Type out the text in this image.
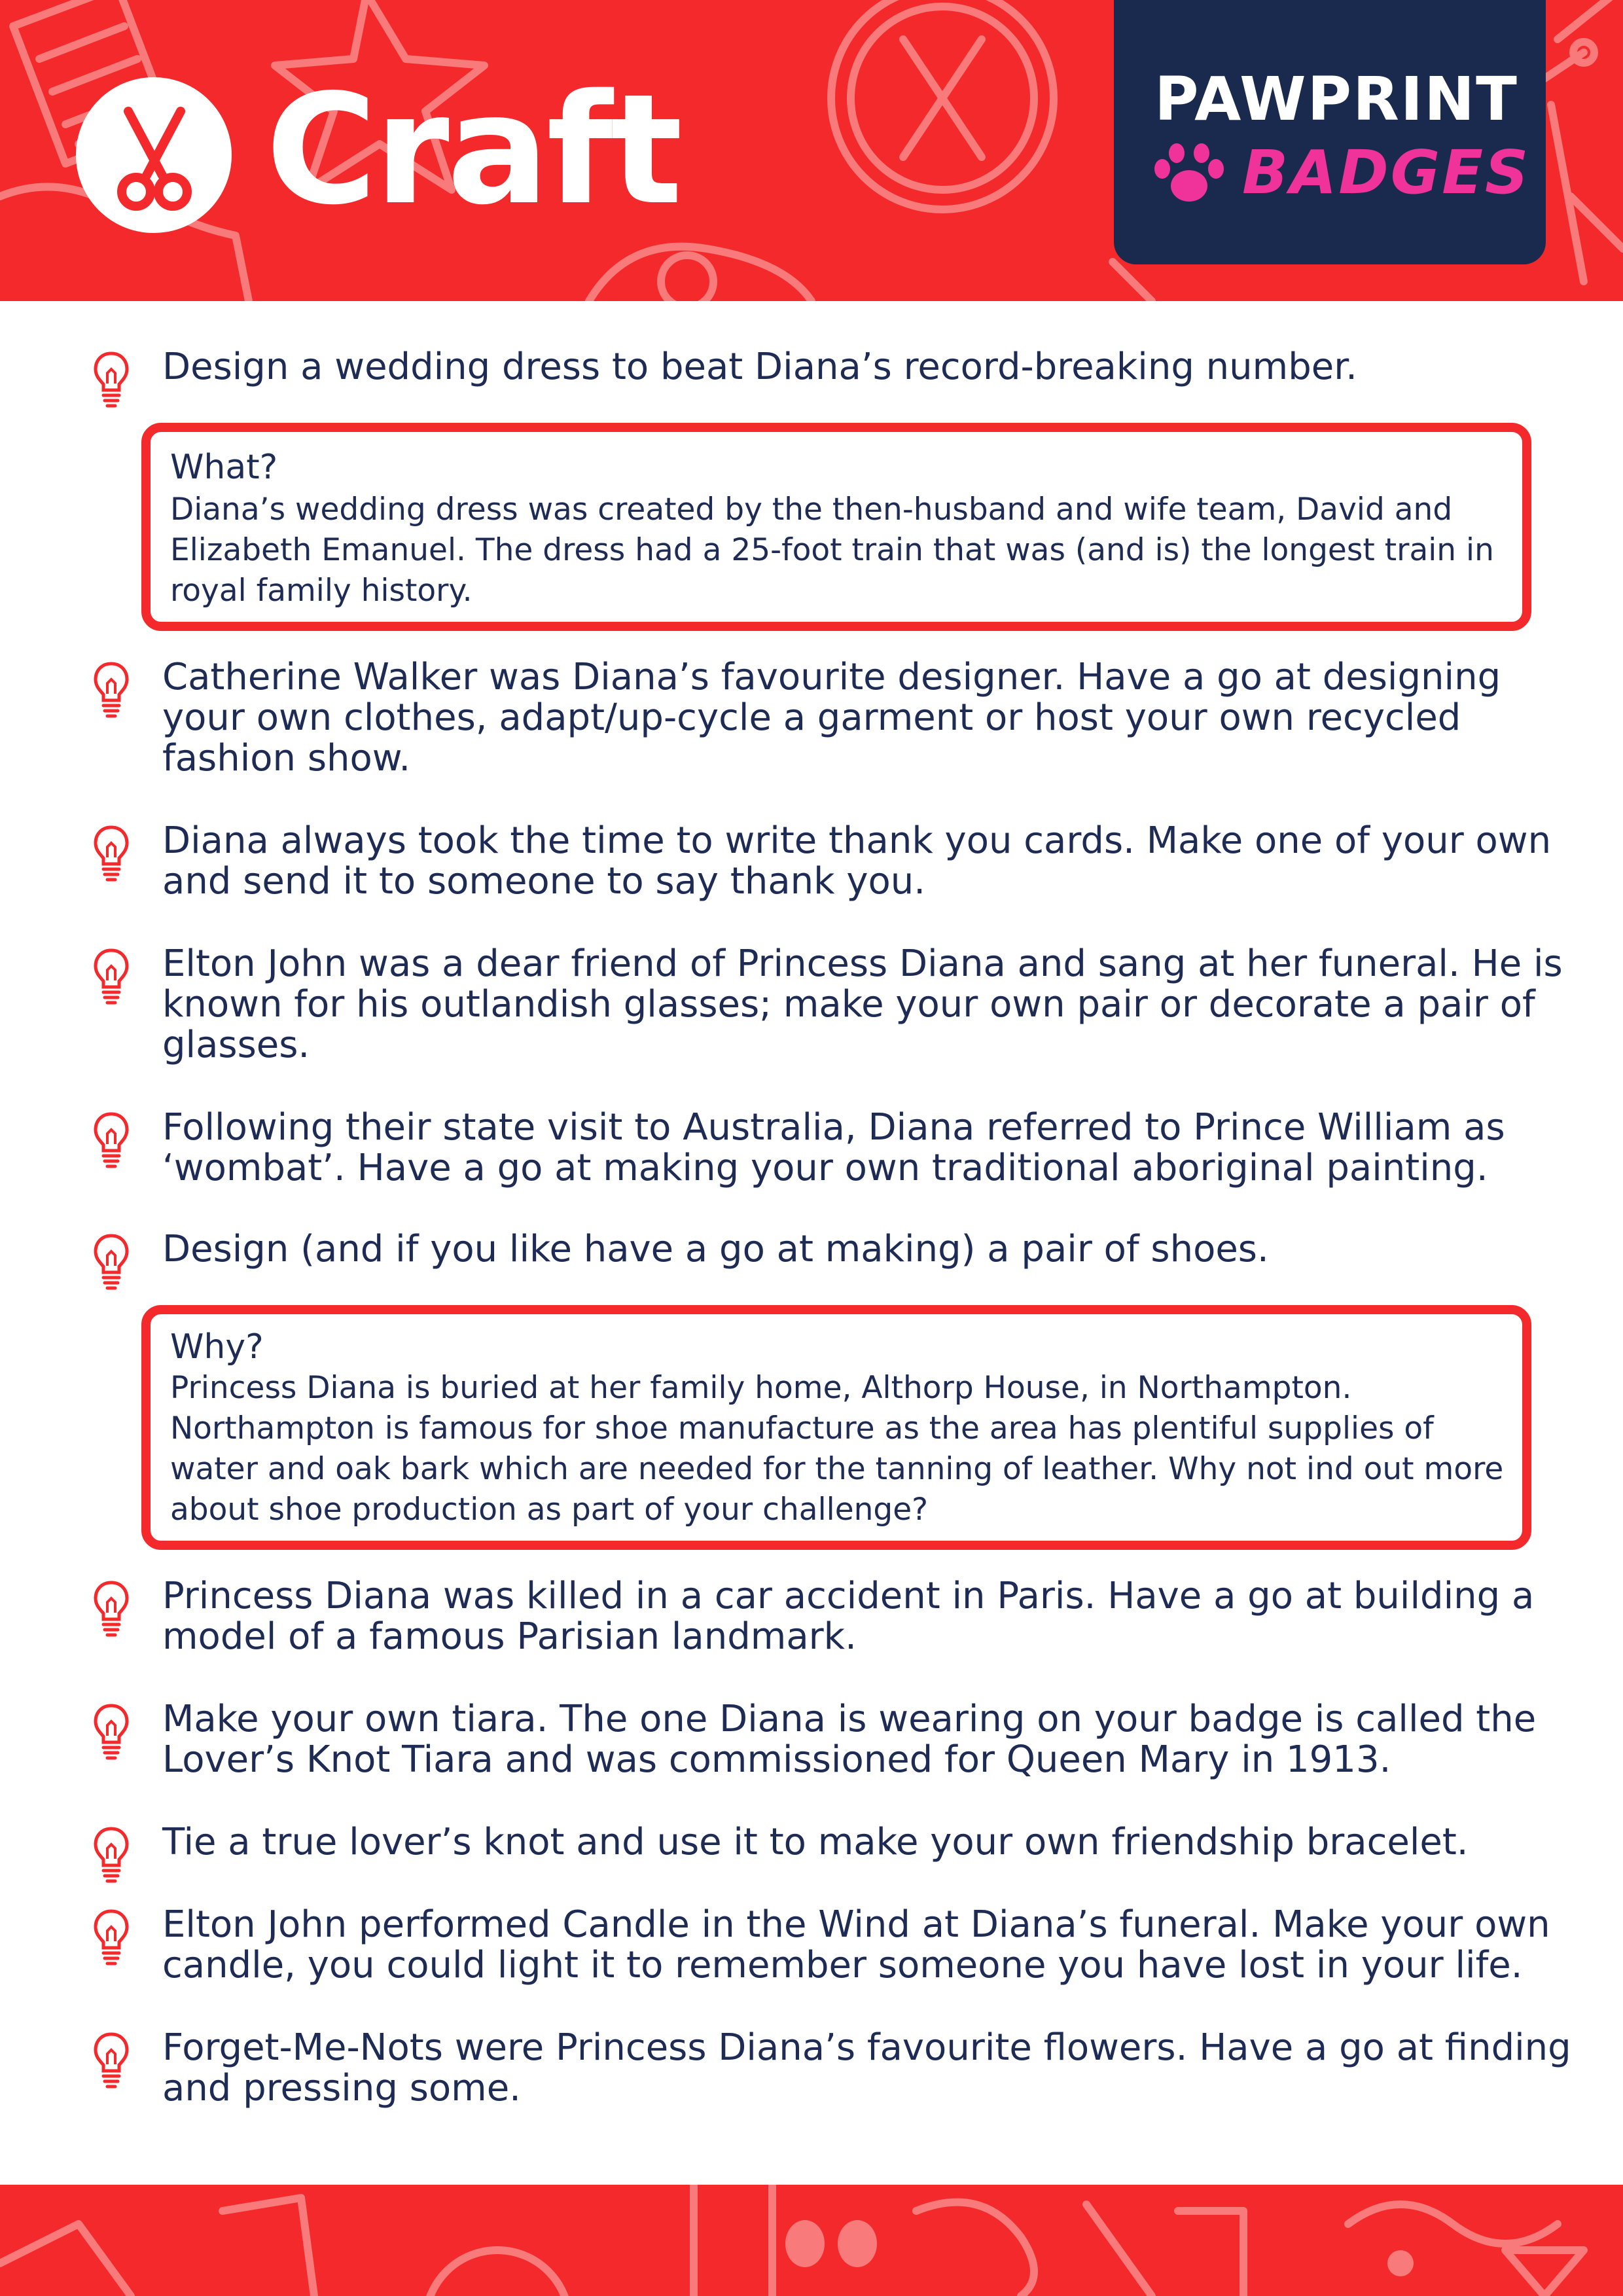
Craft	PAWPRINT
BADGES

Design a wedding dress to beat Diana’s record-breaking number.

What?
Diana’s wedding dress was created by the then-husband and wife team, David and Elizabeth Emanuel. The dress had a 25-foot train that was (and is) the longest train in royal family history.

Catherine Walker was Diana’s favourite designer. Have a go at designing your own clothes, adapt/up-cycle a garment or host your own recycled fashion show.

Diana always took the time to write thank you cards. Make one of your own and send it to someone to say thank you.

Elton John was a dear friend of Princess Diana and sang at her funeral. He is known for his outlandish glasses; make your own pair or decorate a pair of glasses.

Following their state visit to Australia, Diana referred to Prince William as ‘wombat’. Have a go at making your own traditional aboriginal painting.

Design (and if you like have a go at making) a pair of shoes.

Why?
Princess Diana is buried at her family home, Althorp House, in Northampton. Northampton is famous for shoe manufacture as the area has plentiful supplies of water and oak bark which are needed for the tanning of leather. Why not ind out more about shoe production as part of your challenge?

Princess Diana was killed in a car accident in Paris. Have a go at building a model of a famous Parisian landmark.

Make your own tiara. The one Diana is wearing on your badge is called the Lover’s Knot Tiara and was commissioned for Queen Mary in 1913.

Tie a true lover’s knot and use it to make your own friendship bracelet.

Elton John performed Candle in the Wind at Diana’s funeral. Make your own candle, you could light it to remember someone you have lost in your life.

Forget-Me-Nots were Princess Diana’s favourite flowers. Have a go at finding and pressing some.
